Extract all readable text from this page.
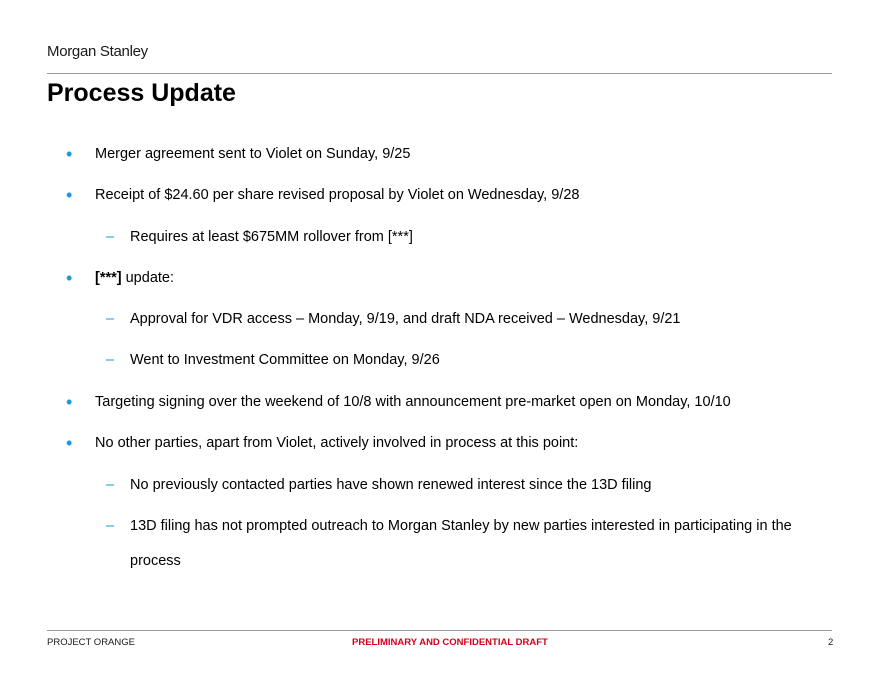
Morgan Stanley
Process Update
• Merger agreement sent to Violet on Sunday, 9/25
• Receipt of $24.60 per share revised proposal by Violet on Wednesday, 9/28
– Requires at least $675MM rollover from [***]
• [***] update:
– Approval for VDR access – Monday, 9/19, and draft NDA received – Wednesday, 9/21
– Went to Investment Committee on Monday, 9/26
• Targeting signing over the weekend of 10/8 with announcement pre-market open on Monday, 10/10
• No other parties, apart from Violet, actively involved in process at this point:
– No previously contacted parties have shown renewed interest since the 13D filing
– 13D filing has not prompted outreach to Morgan Stanley by new parties interested in participating in the process
PROJECT ORANGE	PRELIMINARY AND CONFIDENTIAL DRAFT	2
